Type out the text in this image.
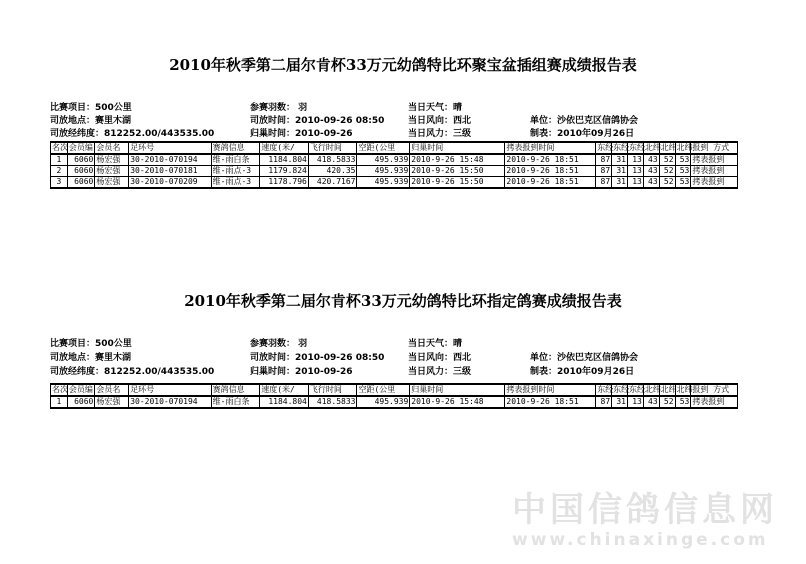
2010年秋季第二届尔肯杯33万元幼鸽特比环聚宝盆插组赛成绩报告表
比赛项目：500公里	参赛羽数： 羽	当日天气：晴
司放地点：赛里木湖	司放时间：2010-09-26 08:50	当日风向：西北	单位：沙依巴克区信鸽协会
司放经纬度：812252.00/443535.00	归巢时间：2010-09-26	当日风力：三级	制表：2010年09月26日
名次	会员编	会员名	足环号	赛鸽信息	速度(米/	飞行时间	空距(公里	归巢时间	拷表报到时间	东经	东经	东经	北纬	北纬	北纬	报到 方式
1	6060	杨宏强	30-2010-070194	维-雨白条	1184.804	418.5833	495.939	2010-9-26 15:48	2010-9-26 18:51	87	31	13	43	52	53	拷表报到
2	6060	杨宏强	30-2010-070181	维-雨点-3	1179.824	420.35	495.939	2010-9-26 15:50	2010-9-26 18:51	87	31	13	43	52	53	拷表报到
3	6060	杨宏强	30-2010-070209	维-雨点-3	1178.796	420.7167	495.939	2010-9-26 15:50	2010-9-26 18:51	87	31	13	43	52	53	拷表报到
2010年秋季第二届尔肯杯33万元幼鸽特比环指定鸽赛成绩报告表
比赛项目：500公里	参赛羽数： 羽	当日天气：晴
司放地点：赛里木湖	司放时间：2010-09-26 08:50	当日风向：西北	单位：沙依巴克区信鸽协会
司放经纬度：812252.00/443535.00	归巢时间：2010-09-26	当日风力：三级	制表：2010年09月26日
名次	会员编	会员名	足环号	赛鸽信息	速度(米/	飞行时间	空距(公里	归巢时间	拷表报到时间	东经	东经	东经	北纬	北纬	北纬	报到 方式
1	6060	杨宏强	30-2010-070194	维-雨白条	1184.804	418.5833	495.939	2010-9-26 15:48	2010-9-26 18:51	87	31	13	43	52	53	拷表报到
中国信鸽信息网
www.chinaxinge.com
